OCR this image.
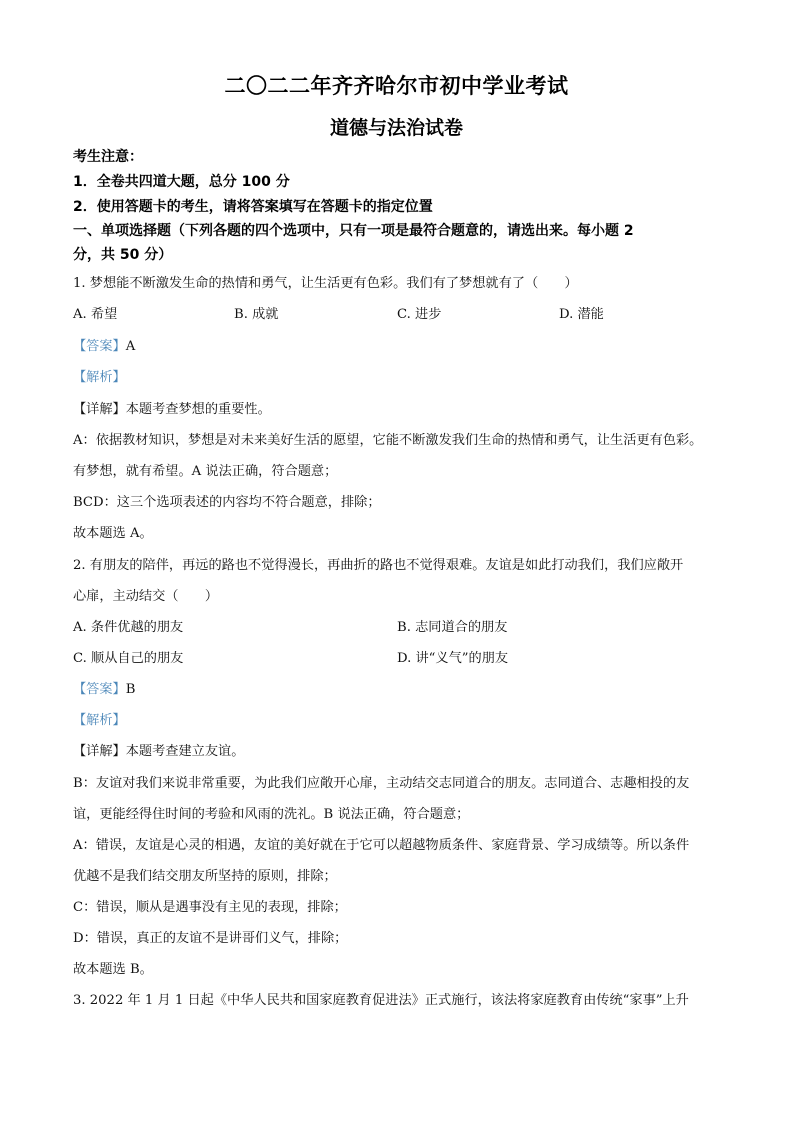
二〇二二年齐齐哈尔市初中学业考试
道德与法治试卷
考生注意：
1．全卷共四道大题，总分 100 分
2．使用答题卡的考生，请将答案填写在答题卡的指定位置
一、单项选择题（下列各题的四个选项中，只有一项是最符合题意的，请选出来。每小题 2
分，共 50 分）
1. 梦想能不断激发生命的热情和勇气，让生活更有色彩。我们有了梦想就有了（　　）
A. 希望	B. 成就	C. 进步	D. 潜能
【答案】A
【解析】
【详解】本题考查梦想的重要性。
A：依据教材知识，梦想是对未来美好生活的愿望，它能不断激发我们生命的热情和勇气，让生活更有色彩。
有梦想，就有希望。A 说法正确，符合题意；
BCD：这三个选项表述的内容均不符合题意，排除；
故本题选 A。
2. 有朋友的陪伴，再远的路也不觉得漫长，再曲折的路也不觉得艰难。友谊是如此打动我们，我们应敞开
心扉，主动结交（　　）
A. 条件优越的朋友	B. 志同道合的朋友
C. 顺从自己的朋友	D. 讲“义气”的朋友
【答案】B
【解析】
【详解】本题考查建立友谊。
B：友谊对我们来说非常重要，为此我们应敞开心扉，主动结交志同道合的朋友。志同道合、志趣相投的友
谊，更能经得住时间的考验和风雨的洗礼。B 说法正确，符合题意；
A：错误，友谊是心灵的相遇，友谊的美好就在于它可以超越物质条件、家庭背景、学习成绩等。所以条件
优越不是我们结交朋友所坚持的原则，排除；
C：错误，顺从是遇事没有主见的表现，排除；
D：错误，真正的友谊不是讲哥们义气，排除；
故本题选 B。
3. 2022 年 1 月 1 日起《中华人民共和国家庭教育促进法》正式施行，该法将家庭教育由传统“家事”上升
